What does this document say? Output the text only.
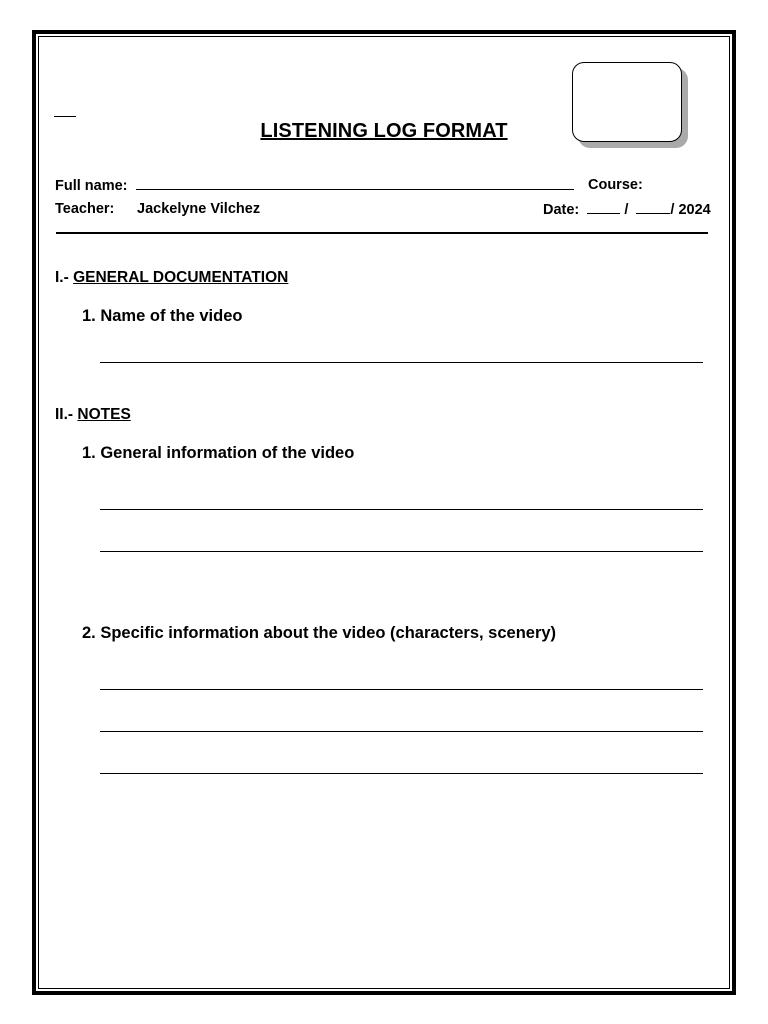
LISTENING LOG FORMAT
Full name:	Course:
Teacher: Jackelyne Vilchez	Date:	/	/ 2024
I.- GENERAL DOCUMENTATION
1. Name of the video
II.- NOTES
1. General information of the video
2. Specific information about the video (characters, scenery)
